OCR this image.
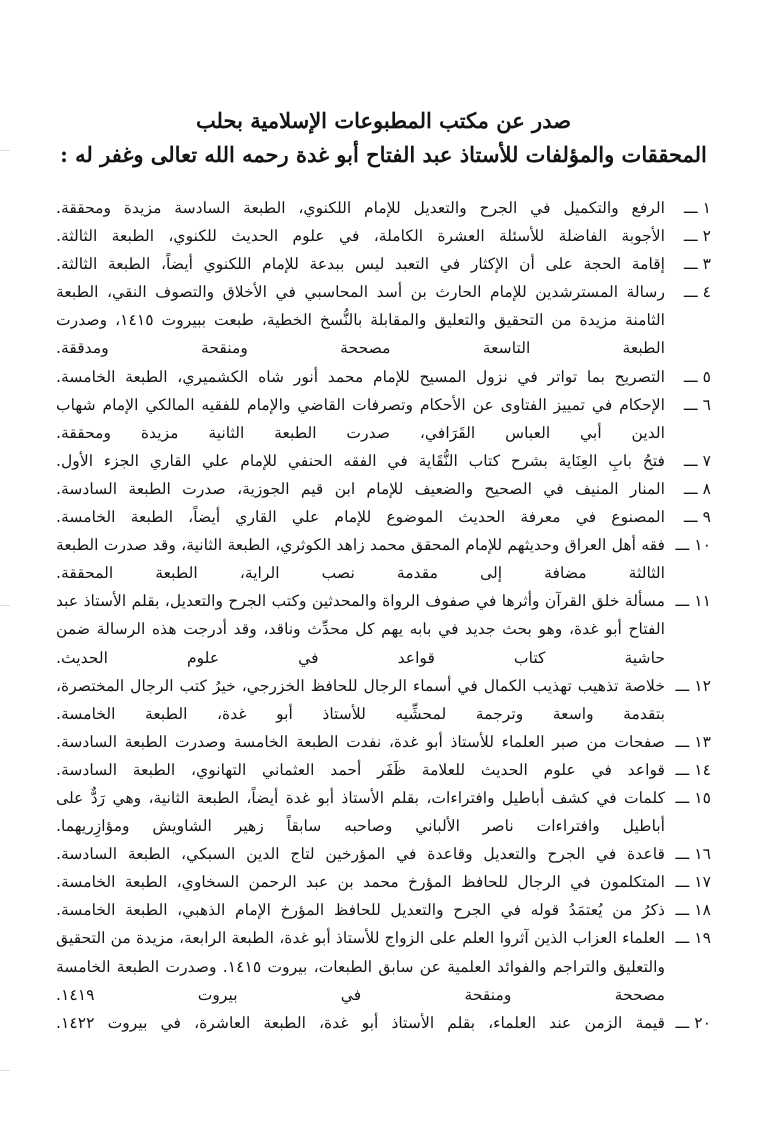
صدر عن مكتب المطبوعات الإسلامية بحلب
المحققات والمؤلفات للأستاذ عبد الفتاح أبو غدة رحمه الله تعالى وغفر له :
١ ـــ
الرفع والتكميل في الجرح والتعديل للإمام اللكنوي، الطبعة السادسة مزيدة ومحققة.
٢ ـــ
الأجوبة الفاضلة للأسئلة العشرة الكاملة، في علوم الحديث للكنوي، الطبعة الثالثة.
٣ ـــ
إقامة الحجة على أن الإكثار في التعبد ليس ببدعة للإمام اللكنوي أيضاً، الطبعة الثالثة.
٤ ـــ
رسالة المسترشدين للإمام الحارث بن أسد المحاسبي في الأخلاق والتصوف النقي، الطبعة الثامنة مزيدة من التحقيق والتعليق والمقابلة بالنُّسخ الخطية، طبعت ببيروت ١٤١٥، وصدرت الطبعة التاسعة مصححة ومنقحة ومدققة.
٥ ـــ
التصريح بما تواتر في نزول المسيح للإمام محمد أنور شاه الكشميري، الطبعة الخامسة.
٦ ـــ
الإحكام في تمييز الفتاوى عن الأحكام وتصرفات القاضي والإمام للفقيه المالكي الإمام شهاب الدين أبي العباس القَرَافي، صدرت الطبعة الثانية مزيدة ومحققة.
٧ ـــ
فتحُ بابِ العِنَاية بشرح كتاب النُّقَاية في الفقه الحنفي للإمام علي القاري الجزء الأول.
٨ ـــ
المنار المنيف في الصحيح والضعيف للإمام ابن قيم الجوزية، صدرت الطبعة السادسة.
٩ ـــ
المصنوع في معرفة الحديث الموضوع للإمام علي القاري أيضاً، الطبعة الخامسة.
١٠ ـــ
فقه أهل العراق وحديثهم للإمام المحقق محمد زاهد الكوثري، الطبعة الثانية، وقد صدرت الطبعة الثالثة مضافة إلى مقدمة نصب الراية، الطبعة المحققة.
١١ ـــ
مسألة خلق القرآن وأثرها في صفوف الرواة والمحدثين وكتب الجرح والتعديل، بقلم الأستاذ عبد الفتاح أبو غدة، وهو بحث جديد في بابه يهم كل محدِّث وناقد، وقد أدرجت هذه الرسالة ضمن حاشية كتاب قواعد في علوم الحديث.
١٢ ـــ
خلاصة تذهيب تهذيب الكمال في أسماء الرجال للحافظ الخزرجي، خيرُ كتب الرجال المختصرة، بتقدمة واسعة وترجمة لمحشِّيه للأستاذ أبو غدة، الطبعة الخامسة.
١٣ ـــ
صفحات من صبر العلماء للأستاذ أبو غدة، نفدت الطبعة الخامسة وصدرت الطبعة السادسة.
١٤ ـــ
قواعد في علوم الحديث للعلامة ظَفَر أحمد العثماني التهانوي، الطبعة السادسة.
١٥ ـــ
كلمات في كشف أباطيل وافتراءات، بقلم الأستاذ أبو غدة أيضاً، الطبعة الثانية، وهي رَدٌّ على أباطيل وافتراءات ناصر الألباني وصاحبه سابقاً زهير الشاويش ومؤازِريهما.
١٦ ـــ
قاعدة في الجرح والتعديل وقاعدة في المؤرخين لتاج الدين السبكي، الطبعة السادسة.
١٧ ـــ
المتكلمون في الرجال للحافظ المؤرخ محمد بن عبد الرحمن السخاوي، الطبعة الخامسة.
١٨ ـــ
ذكرُ من يُعتمَدُ قوله في الجرح والتعديل للحافظ المؤرخ الإمام الذهبي، الطبعة الخامسة.
١٩ ـــ
العلماء العزاب الذين آثروا العلم على الزواج للأستاذ أبو غدة، الطبعة الرابعة، مزيدة من التحقيق والتعليق والتراجم والفوائد العلمية عن سابق الطبعات، بيروت ١٤١٥. وصدرت الطبعة الخامسة مصححة ومنقحة في بيروت ١٤١٩.
٢٠ ـــ
قيمة الزمن عند العلماء، بقلم الأستاذ أبو غدة، الطبعة العاشرة، في بيروت ١٤٢٢.
